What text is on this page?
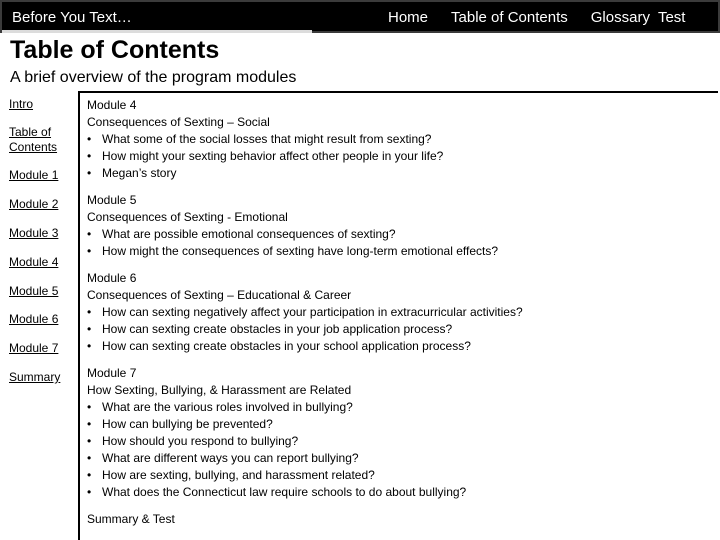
Before You Text…	Home Table of Contents Glossary Test
Table of Contents
A brief overview of the program modules
Intro
Table of Contents
Module 1
Module 2
Module 3
Module 4
Module 5
Module 6
Module 7
Summary
Module 4
Consequences of Sexting – Social
• What some of the social losses that might result from sexting?
• How might your sexting behavior affect other people in your life?
• Megan’s story
Module 5
Consequences of Sexting - Emotional
• What are possible emotional consequences of sexting?
• How might the consequences of sexting have long-term emotional effects?
Module 6
Consequences of Sexting – Educational & Career
• How can sexting negatively affect your participation in extracurricular activities?
• How can sexting create obstacles in your job application process?
• How can sexting create obstacles in your school application process?
Module 7
How Sexting, Bullying, & Harassment are Related
• What are the various roles involved in bullying?
• How can bullying be prevented?
• How should you respond to bullying?
• What are different ways you can report bullying?
• How are sexting, bullying, and harassment related?
• What does the Connecticut law require schools to do about bullying?
Summary & Test
